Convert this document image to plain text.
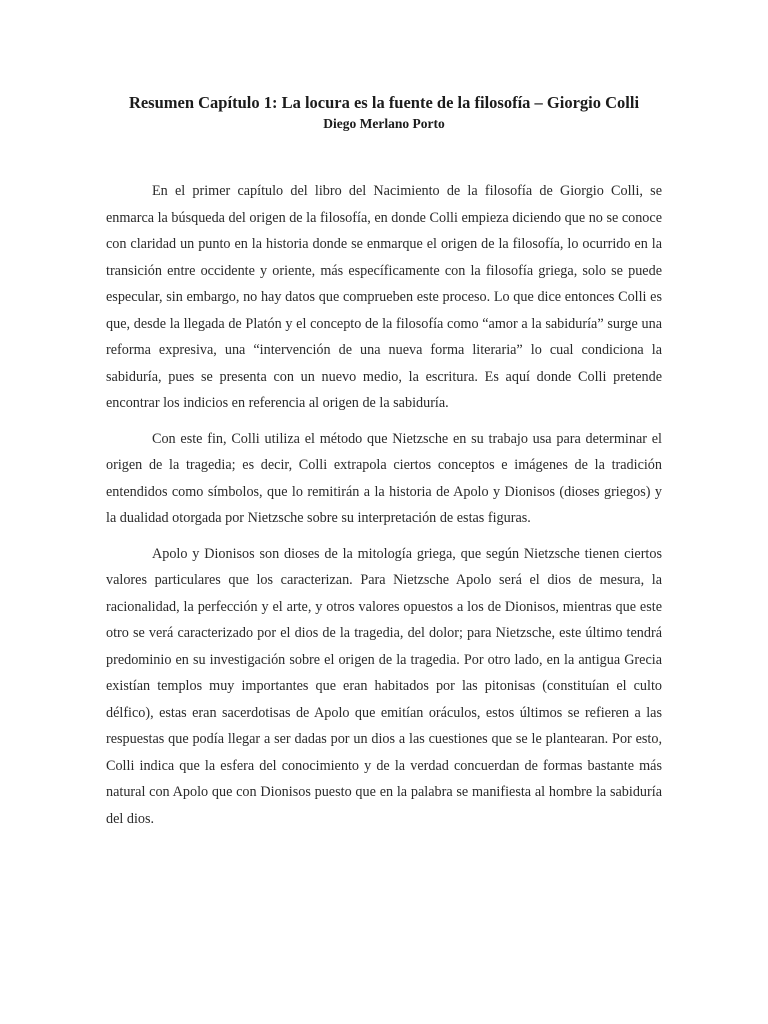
Resumen Capítulo 1: La locura es la fuente de la filosofía – Giorgio Colli
Diego Merlano Porto

En el primer capítulo del libro del Nacimiento de la filosofía de Giorgio Colli, se enmarca la búsqueda del origen de la filosofía, en donde Colli empieza diciendo que no se conoce con claridad un punto en la historia donde se enmarque el origen de la filosofía, lo ocurrido en la transición entre occidente y oriente, más específicamente con la filosofía griega, solo se puede especular, sin embargo, no hay datos que comprueben este proceso. Lo que dice entonces Colli es que, desde la llegada de Platón y el concepto de la filosofía como “amor a la sabiduría” surge una reforma expresiva, una “intervención de una nueva forma literaria” lo cual condiciona la sabiduría, pues se presenta con un nuevo medio, la escritura. Es aquí donde Colli pretende encontrar los indicios en referencia al origen de la sabiduría.

Con este fin, Colli utiliza el método que Nietzsche en su trabajo usa para determinar el origen de la tragedia; es decir, Colli extrapola ciertos conceptos e imágenes de la tradición entendidos como símbolos, que lo remitirán a la historia de Apolo y Dionisos (dioses griegos) y la dualidad otorgada por Nietzsche sobre su interpretación de estas figuras.

Apolo y Dionisos son dioses de la mitología griega, que según Nietzsche tienen ciertos valores particulares que los caracterizan. Para Nietzsche Apolo será el dios de mesura, la racionalidad, la perfección y el arte, y otros valores opuestos a los de Dionisos, mientras que este otro se verá caracterizado por el dios de la tragedia, del dolor; para Nietzsche, este último tendrá predominio en su investigación sobre el origen de la tragedia. Por otro lado, en la antigua Grecia existían templos muy importantes que eran habitados por las pitonisas (constituían el culto délfico), estas eran sacerdotisas de Apolo que emitían oráculos, estos últimos se refieren a las respuestas que podía llegar a ser dadas por un dios a las cuestiones que se le plantearan. Por esto, Colli indica que la esfera del conocimiento y de la verdad concuerdan de formas bastante más natural con Apolo que con Dionisos puesto que en la palabra se manifiesta al hombre la sabiduría del dios.
